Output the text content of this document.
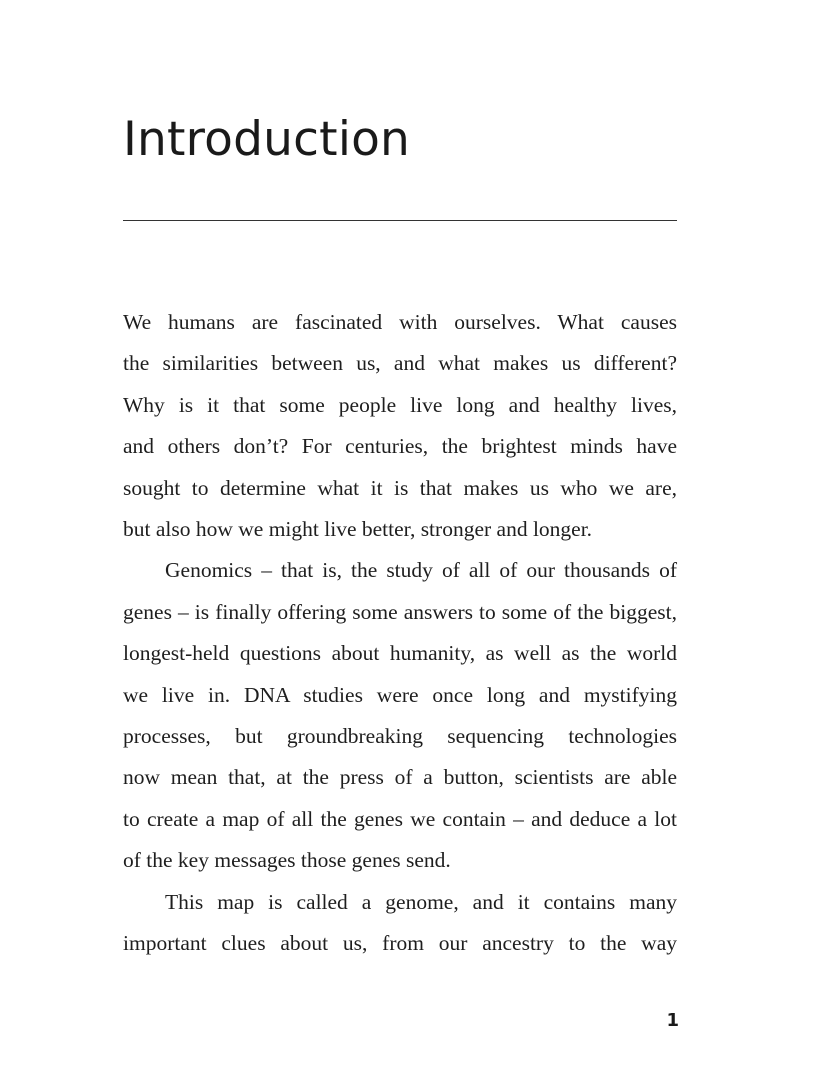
Introduction

We humans are fascinated with ourselves. What causes
the similarities between us, and what makes us different?
Why is it that some people live long and healthy lives,
and others don’t? For centuries, the brightest minds have
sought to determine what it is that makes us who we are,
but also how we might live better, stronger and longer.

Genomics – that is, the study of all of our thousands of
genes – is finally offering some answers to some of the biggest,
longest-held questions about humanity, as well as the world
we live in. DNA studies were once long and mystifying
processes, but groundbreaking sequencing technologies
now mean that, at the press of a button, scientists are able
to create a map of all the genes we contain – and deduce a lot
of the key messages those genes send.

This map is called a genome, and it contains many
important clues about us, from our ancestry to the way

1
